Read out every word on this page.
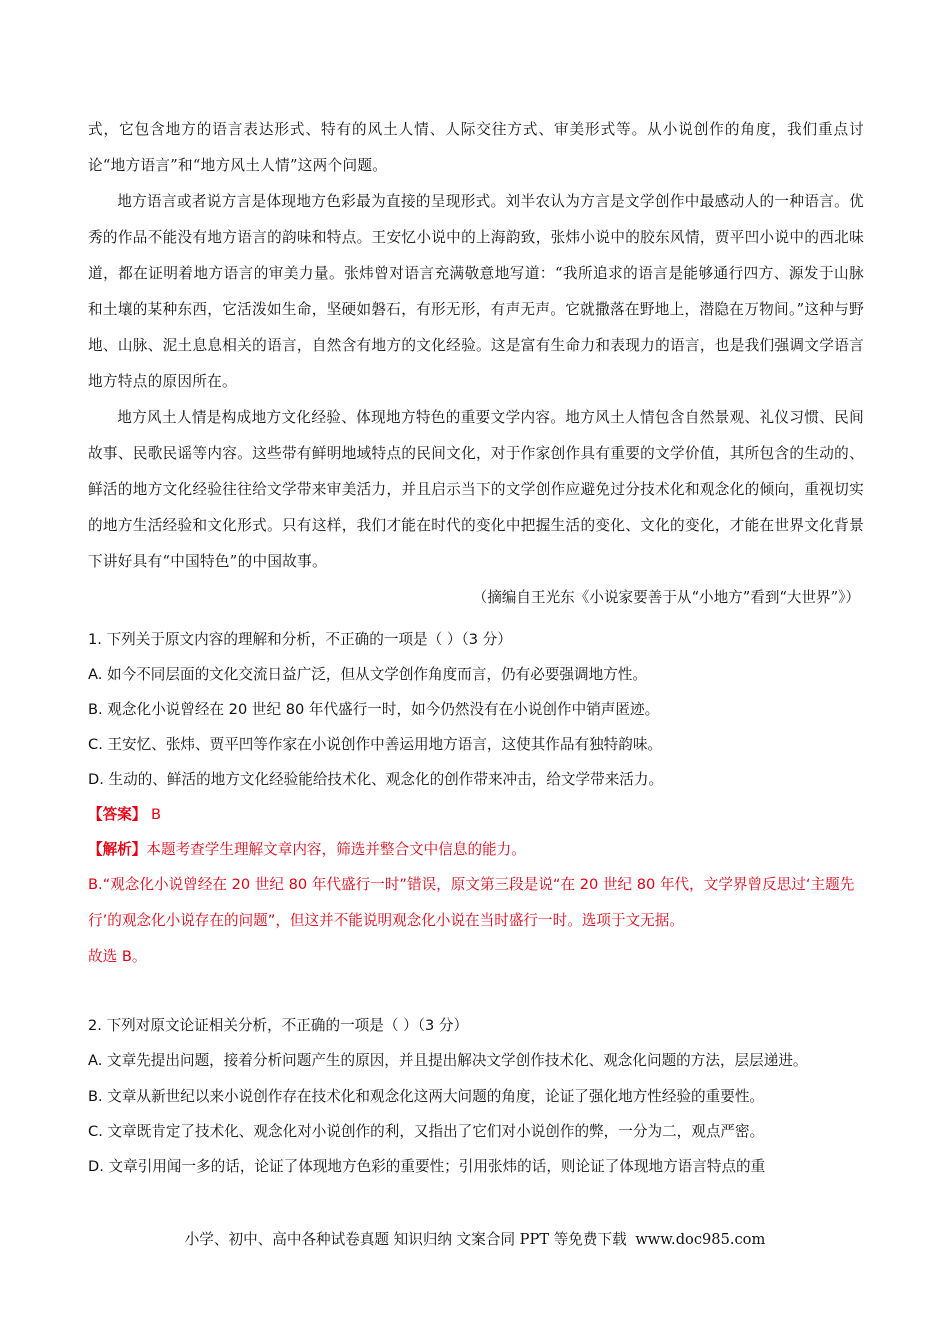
式，它包含地方的语言表达形式、特有的风土人情、人际交往方式、审美形式等。从小说创作的角度，我们重点讨论“地方语言”和“地方风土人情”这两个问题。

地方语言或者说方言是体现地方色彩最为直接的呈现形式。刘半农认为方言是文学创作中最感动人的一种语言。优秀的作品不能没有地方语言的韵味和特点。王安忆小说中的上海韵致，张炜小说中的胶东风情，贾平凹小说中的西北味道，都在证明着地方语言的审美力量。张炜曾对语言充满敬意地写道：“我所追求的语言是能够通行四方、源发于山脉和土壤的某种东西，它活泼如生命，坚硬如磐石，有形无形，有声无声。它就撒落在野地上，潜隐在万物间。”这种与野地、山脉、泥土息息相关的语言，自然含有地方的文化经验。这是富有生命力和表现力的语言，也是我们强调文学语言地方特点的原因所在。

地方风土人情是构成地方文化经验、体现地方特色的重要文学内容。地方风土人情包含自然景观、礼仪习惯、民间故事、民歌民谣等内容。这些带有鲜明地域特点的民间文化，对于作家创作具有重要的文学价值，其所包含的生动的、鲜活的地方文化经验往往给文学带来审美活力，并且启示当下的文学创作应避免过分技术化和观念化的倾向，重视切实的地方生活经验和文化形式。只有这样，我们才能在时代的变化中把握生活的变化、文化的变化，才能在世界文化背景下讲好具有“中国特色”的中国故事。

（摘编自王光东《小说家要善于从“小地方”看到“大世界”》）

1. 下列关于原文内容的理解和分析，不正确的一项是（ ）（3 分）

A. 如今不同层面的文化交流日益广泛，但从文学创作角度而言，仍有必要强调地方性。

B. 观念化小说曾经在 20 世纪 80 年代盛行一时，如今仍然没有在小说创作中销声匿迹。

C. 王安忆、张炜、贾平凹等作家在小说创作中善运用地方语言，这使其作品有独特韵味。

D. 生动的、鲜活的地方文化经验能给技术化、观念化的创作带来冲击，给文学带来活力。

【答案】 B

【解析】本题考查学生理解文章内容，筛选并整合文中信息的能力。

B.“观念化小说曾经在 20 世纪 80 年代盛行一时”错误，原文第三段是说“在 20 世纪 80 年代，文学界曾反思过‘主题先行’的观念化小说存在的问题”，但这并不能说明观念化小说在当时盛行一时。选项于文无据。

故选 B。

2. 下列对原文论证相关分析，不正确的一项是（ ）（3 分）

A. 文章先提出问题，接着分析问题产生的原因，并且提出解决文学创作技术化、观念化问题的方法，层层递进。

B. 文章从新世纪以来小说创作存在技术化和观念化这两大问题的角度，论证了强化地方性经验的重要性。

C. 文章既肯定了技术化、观念化对小说创作的利，又指出了它们对小说创作的弊，一分为二，观点严密。

D. 文章引用闻一多的话，论证了体现地方色彩的重要性；引用张炜的话，则论证了体现地方语言特点的重

小学、初中、高中各种试卷真题 知识归纳 文案合同 PPT 等免费下载 www.doc985.com
